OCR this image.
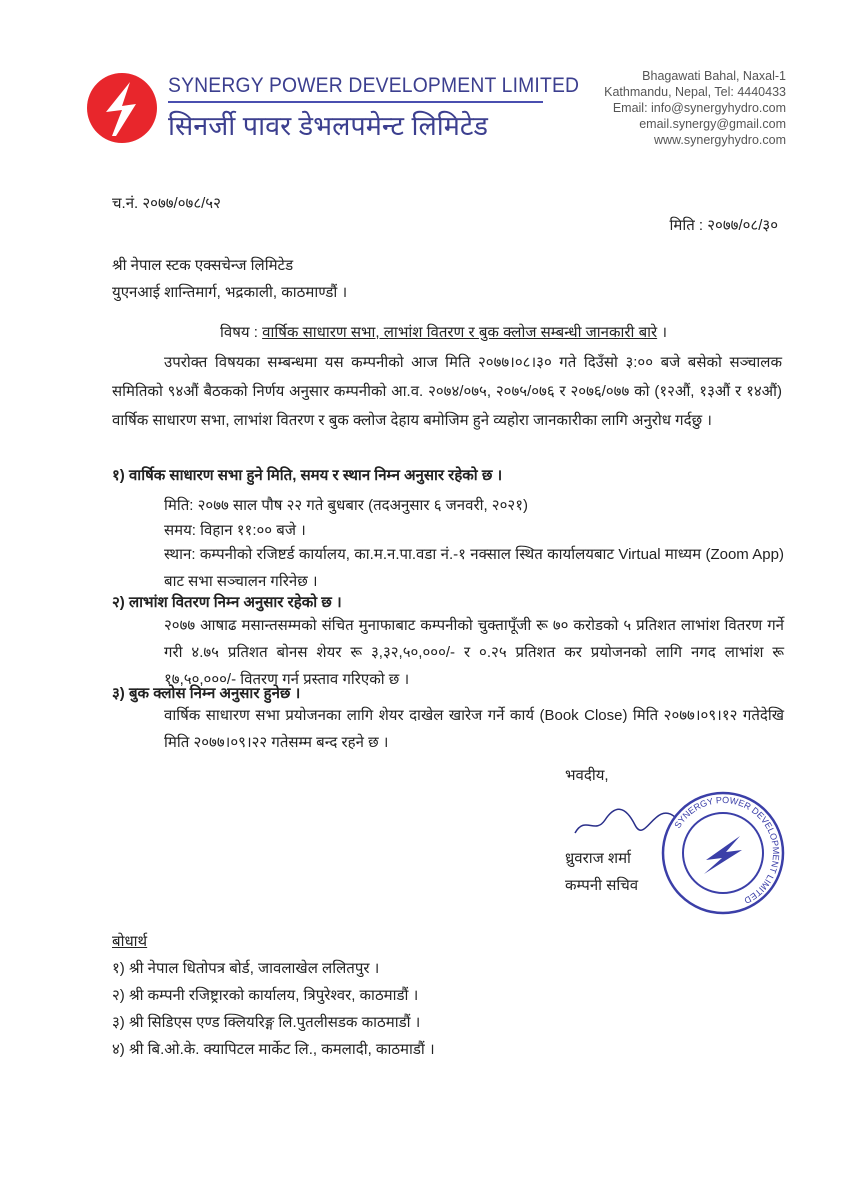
SYNERGY POWER DEVELOPMENT LIMITED
सिनर्जी पावर डेभलपमेन्ट लिमिटेड
Bhagawati Bahal, Naxal-1
Kathmandu, Nepal, Tel: 4440433
Email: info@synergyhydro.com
email.synergy@gmail.com
www.synergyhydro.com
च.नं. २०७७/०७८/५२
मिति : २०७७/०८/३०
श्री नेपाल स्टक एक्सचेन्ज लिमिटेड
युएनआई शान्तिमार्ग, भद्रकाली, काठमाण्डौं ।
विषय : वार्षिक साधारण सभा, लाभांश वितरण र बुक क्लोज सम्बन्धी जानकारी बारे ।
उपरोक्त विषयका सम्बन्धमा यस कम्पनीको आज मिति २०७७।०८।३० गते दिउँसो ३:०० बजे बसेको सञ्चालक समितिको ९४औं बैठकको निर्णय अनुसार कम्पनीको आ.व. २०७४/०७५, २०७५/०७६ र २०७६/०७७ को (१२औं, १३औं र १४औं) वार्षिक साधारण सभा, लाभांश वितरण र बुक क्लोज देहाय बमोजिम हुने व्यहोरा जानकारीका लागि अनुरोध गर्दछु ।
१) वार्षिक साधारण सभा हुने मिति, समय र स्थान निम्न अनुसार रहेको छ ।
मिति: २०७७ साल पौष २२ गते बुधबार (तदअनुसार ६ जनवरी, २०२१)
समय: विहान ११:०० बजे ।
स्थान: कम्पनीको रजिष्टर्ड कार्यालय, का.म.न.पा.वडा नं.-१ नक्साल स्थित कार्यालयबाट Virtual माध्यम (Zoom App) बाट सभा सञ्चालन गरिनेछ ।
२) लाभांश वितरण निम्न अनुसार रहेको छ ।
२०७७ आषाढ मसान्तसम्मको संचित मुनाफाबाट कम्पनीको चुक्तापूँजी रू ७० करोडको ५ प्रतिशत लाभांश वितरण गर्ने गरी ४.७५ प्रतिशत बोनस शेयर रू ३,३२,५०,०००/- र ०.२५ प्रतिशत कर प्रयोजनको लागि नगद लाभांश रू १७,५०,०००/- वितरण गर्न प्रस्ताव गरिएको छ ।
३) बुक क्लोस निम्न अनुसार हुनेछ ।
वार्षिक साधारण सभा प्रयोजनका लागि शेयर दाखेल खारेज गर्ने कार्य (Book Close) मिति २०७७।०९।१२ गतेदेखि मिति २०७७।०९।२२ गतेसम्म बन्द रहने छ ।
भवदीय,
ध्रुवराज शर्मा
कम्पनी सचिव
SYNERGY POWER DEVELOPMENT LIMITED
बोधार्थ
१) श्री नेपाल धितोपत्र बोर्ड, जावलाखेल ललितपुर ।
२) श्री कम्पनी रजिष्ट्रारको कार्यालय, त्रिपुरेश्वर, काठमाडौं ।
३) श्री सिडिएस एण्ड क्लियरिङ्ग लि.पुतलीसडक काठमाडौं ।
४) श्री बि.ओ.के. क्यापिटल मार्केट लि., कमलादी, काठमाडौं ।
